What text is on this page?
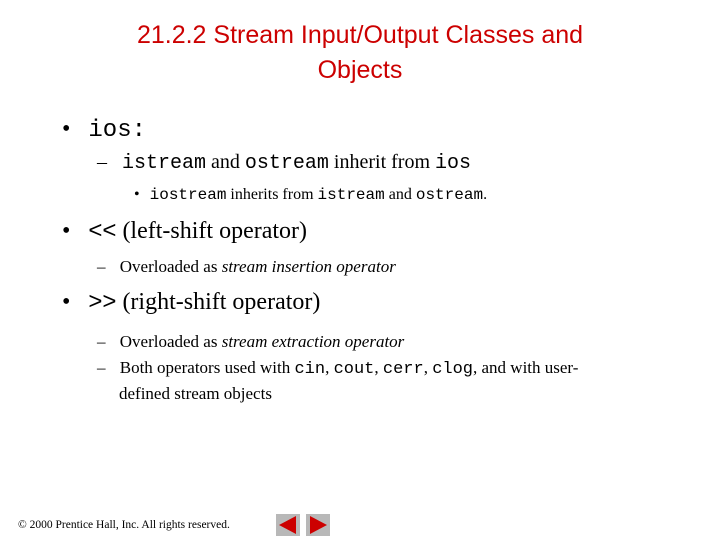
21.2.2 Stream Input/Output Classes and
Objects
• ios:
– istream and ostream inherit from ios
• iostream inherits from istream and ostream.
• << (left-shift operator)
– Overloaded as stream insertion operator
• >> (right-shift operator)
– Overloaded as stream extraction operator
– Both operators used with cin, cout, cerr, clog, and with user-
defined stream objects
© 2000 Prentice Hall, Inc. All rights reserved.
